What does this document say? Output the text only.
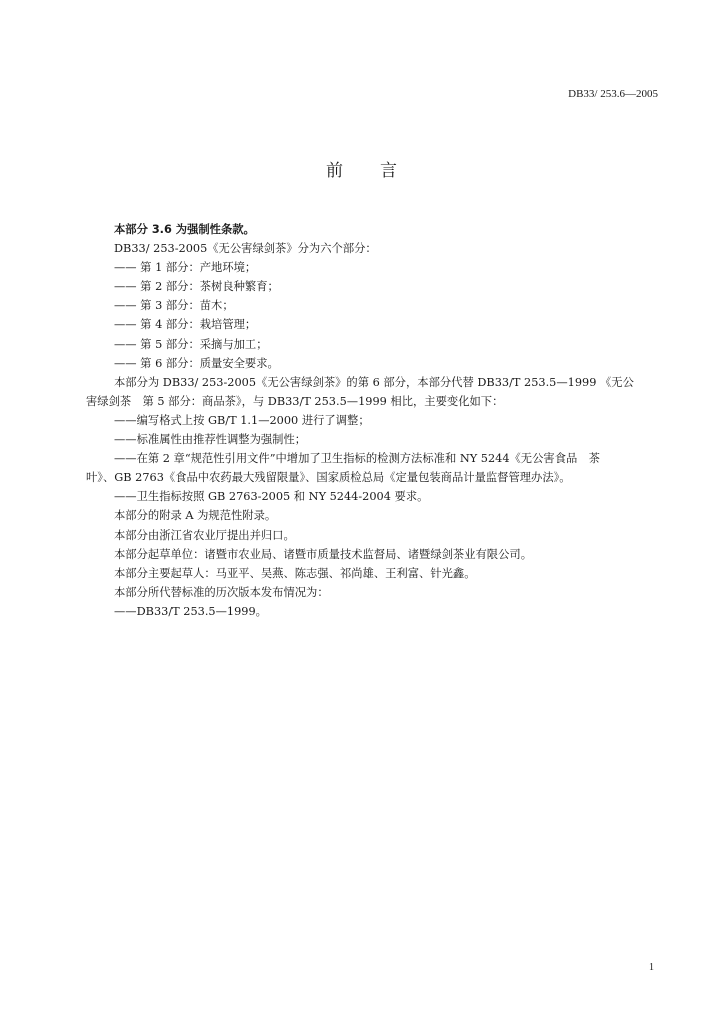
DB33/ 253.6—2005
前 言

本部分 3.6 为强制性条款。

DB33/ 253-2005《无公害绿剑茶》分为六个部分：

—— 第 1 部分：产地环境；

—— 第 2 部分：茶树良种繁育；

—— 第 3 部分：苗木；

—— 第 4 部分：栽培管理；

—— 第 5 部分：采摘与加工；

—— 第 6 部分：质量安全要求。

本部分为 DB33/ 253-2005《无公害绿剑茶》的第 6 部分，本部分代替 DB33/T 253.5—1999 《无公

害绿剑茶　第 5 部分：商品茶》，与 DB33/T 253.5—1999 相比，主要变化如下：

——编写格式上按 GB/T 1.1—2000 进行了调整；

——标准属性由推荐性调整为强制性；

——在第 2 章“规范性引用文件”中增加了卫生指标的检测方法标准和 NY 5244《无公害食品　茶

叶》、GB 2763《食品中农药最大残留限量》、国家质检总局《定量包装商品计量监督管理办法》。

——卫生指标按照 GB 2763-2005 和 NY 5244-2004 要求。

本部分的附录 A 为规范性附录。

本部分由浙江省农业厅提出并归口。

本部分起草单位：诸暨市农业局、诸暨市质量技术监督局、诸暨绿剑茶业有限公司。

本部分主要起草人：马亚平、吴燕、陈志强、祁尚雄、王利富、针光鑫。

本部分所代替标准的历次版本发布情况为：

——DB33/T 253.5—1999。

1
